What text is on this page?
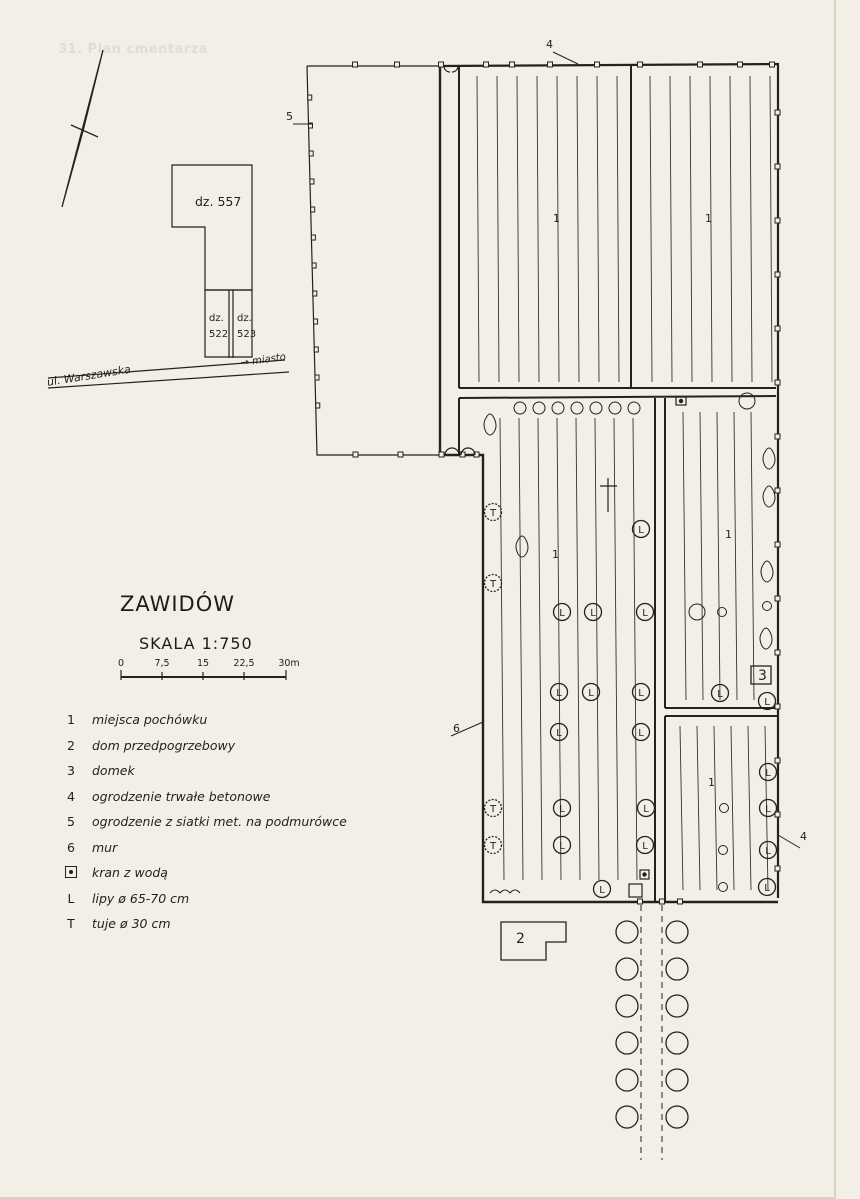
31. Plan cmentarza
L
L	L	L
L	L	L
L	L
L	L
L	L
L
L
L
L
L
L
L
T
T
T
T
dz. 557
dz.
522
dz.
523
ul. Warszawska
→ miasto
ZAWIDÓW
SKALA 1:750
0	7,5	15	22,5	30m
1	miejsca pochówku
2	dom przedpogrzebowy
3	domek
4	ogrodzenie trwałe betonowe
5	ogrodzenie z siatki met. na podmurówce
6	mur
kran z wodą
L	lipy ø 65-70 cm
T	tuje ø 30 cm
4
5
6
4
1	1
1
1
1
2
3
